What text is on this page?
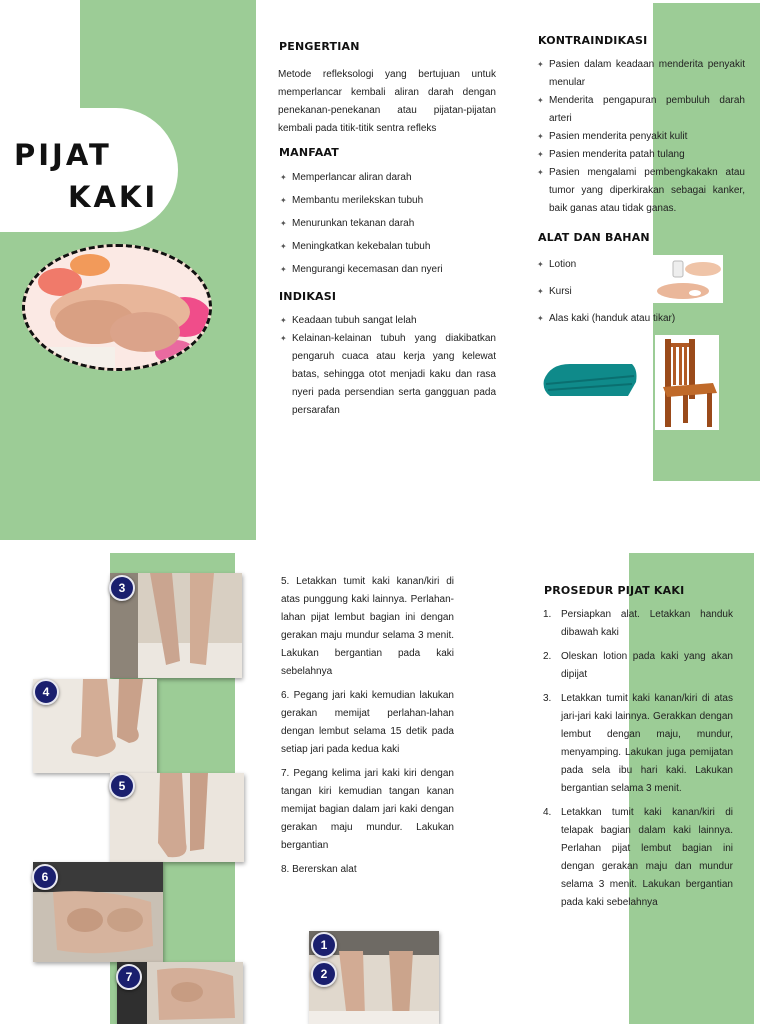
PIJAT
KAKI
PENGERTIAN
Metode refleksologi yang bertujuan untuk memperlancar kembali aliran darah dengan penekanan-penekanan atau pijatan-pijatan kembali pada titik-titik sentra refleks
MANFAAT
✦ Memperlancar aliran darah
✦ Membantu merilekskan tubuh
✦ Menurunkan tekanan darah
✦ Meningkatkan kekebalan tubuh
✦ Mengurangi kecemasan dan nyeri
INDIKASI
✦ Keadaan tubuh sangat lelah
✦ Kelainan-kelainan tubuh yang diakibatkan pengaruh cuaca atau kerja yang kelewat batas, sehingga otot menjadi kaku dan rasa nyeri pada persendian serta gangguan pada persarafan
KONTRAINDIKASI
✦ Pasien dalam keadaan menderita penyakit menular
✦ Menderita pengapuran pembuluh darah arteri
✦ Pasien menderita penyakit kulit
✦ Pasien menderita patah tulang
✦ Pasien mengalami pembengkakakn atau tumor yang diperkirakan sebagai kanker, baik ganas atau tidak ganas.
ALAT DAN BAHAN
✦ Lotion
✦ Kursi
✦ Alas kaki (handuk atau tikar)
3
4
5
6
7
1
2

5. Letakkan tumit kaki kanan/kiri di atas punggung kaki lainnya. Perlahan-lahan pijat lembut bagian ini dengan gerakan maju mundur selama 3 menit. Lakukan bergantian pada kaki sebelahnya

6. Pegang jari kaki kemudian lakukan gerakan memijat perlahan-lahan dengan lembut selama 15 detik pada setiap jari pada kedua kaki

7. Pegang kelima jari kaki kiri dengan tangan kiri kemudian tangan kanan memijat bagian dalam jari kaki dengan gerakan maju mundur. Lakukan bergantian

8. Bererskan alat

PROSEDUR PIJAT KAKI
1. Persiapkan alat. Letakkan handuk dibawah kaki
2. Oleskan lotion pada kaki yang akan dipijat
3. Letakkan tumit kaki kanan/kiri di atas jari-jari kaki lainnya. Gerakkan dengan lembut dengan maju, mundur, menyamping. Lakukan juga pemijatan pada sela ibu hari kaki. Lakukan bergantian selama 3 menit.
4. Letakkan tumit kaki kanan/kiri di telapak bagian dalam kaki lainnya. Perlahan pijat lembut bagian ini dengan gerakan maju dan mundur selama 3 menit. Lakukan bergantian pada kaki sebelahnya
